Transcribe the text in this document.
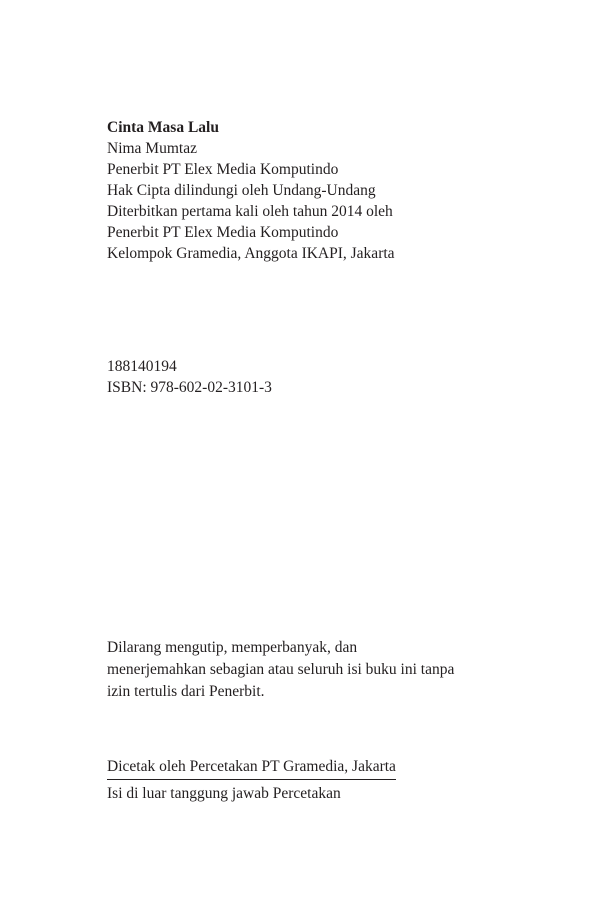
Cinta Masa Lalu
Nima Mumtaz
Penerbit PT Elex Media Komputindo
Hak Cipta dilindungi oleh Undang-Undang
Diterbitkan pertama kali oleh tahun 2014 oleh
Penerbit PT Elex Media Komputindo
Kelompok Gramedia, Anggota IKAPI, Jakarta
188140194
ISBN: 978-602-02-3101-3
Dilarang mengutip, memperbanyak, dan
menerjemahkan sebagian atau seluruh isi buku ini tanpa
izin tertulis dari Penerbit.
Dicetak oleh Percetakan PT Gramedia, Jakarta
Isi di luar tanggung jawab Percetakan
